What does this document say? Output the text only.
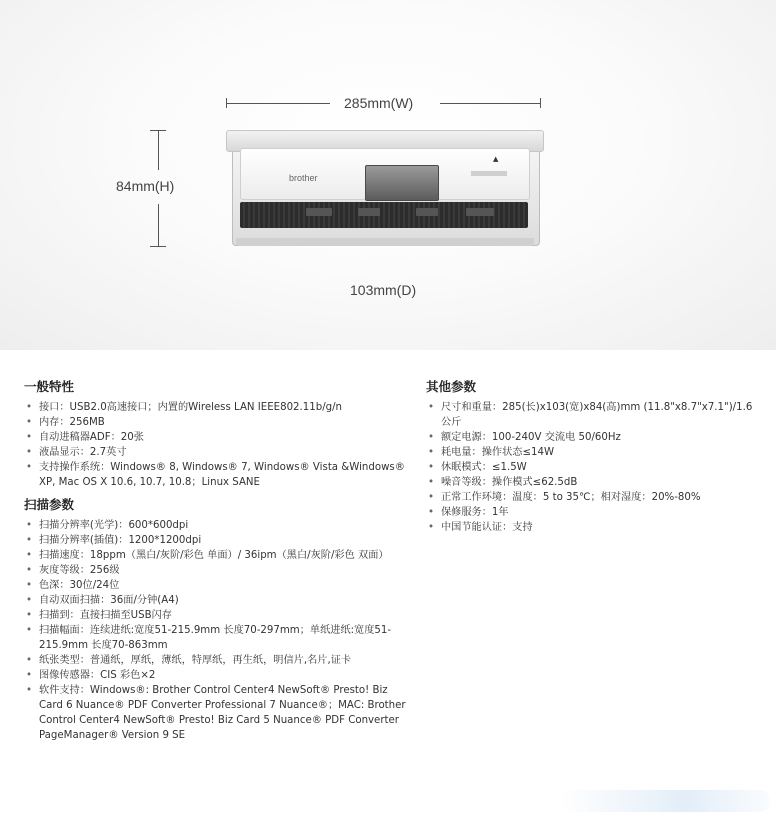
285mm(W)
84mm(H)	brother
▲
103mm(D)
一般特性
• 接口：USB2.0高速接口；内置的Wireless LAN IEEE802.11b/g/n
• 内存：256MB
• 自动进稿器ADF：20张
• 液晶显示：2.7英寸
• 支持操作系统：Windows® 8, Windows® 7, Windows® Vista &Windows® XP, Mac OS X 10.6, 10.7, 10.8；Linux SANE
扫描参数
• 扫描分辨率(光学)：600*600dpi
• 扫描分辨率(插值)：1200*1200dpi
• 扫描速度：18ppm（黑白/灰阶/彩色 单面）/ 36ipm（黑白/灰阶/彩色 双面）
• 灰度等级：256级
• 色深：30位/24位
• 自动双面扫描：36面/分钟(A4)
• 扫描到：直接扫描至USB闪存
• 扫描幅面：连续进纸:宽度51-215.9mm 长度70-297mm；单纸进纸:宽度51-215.9mm 长度70-863mm
• 纸张类型：普通纸，厚纸，薄纸，特厚纸，再生纸，明信片,名片,证卡
• 图像传感器：CIS 彩色×2
• 软件支持：Windows®: Brother Control Center4 NewSoft® Presto! Biz Card 6 Nuance® PDF Converter Professional 7 Nuance®；MAC: Brother Control Center4 NewSoft® Presto! Biz Card 5 Nuance® PDF Converter PageManager® Version 9 SE
其他参数
• 尺寸和重量：285(长)x103(宽)x84(高)mm (11.8"x8.7"x7.1")/1.6公斤
• 额定电源：100-240V 交流电 50/60Hz
• 耗电量：操作状态≤14W
• 休眠模式：≤1.5W
• 噪音等级：操作模式≤62.5dB
• 正常工作环境：温度：5 to 35℃；相对湿度：20%-80%
• 保修服务：1年
• 中国节能认证：支持
